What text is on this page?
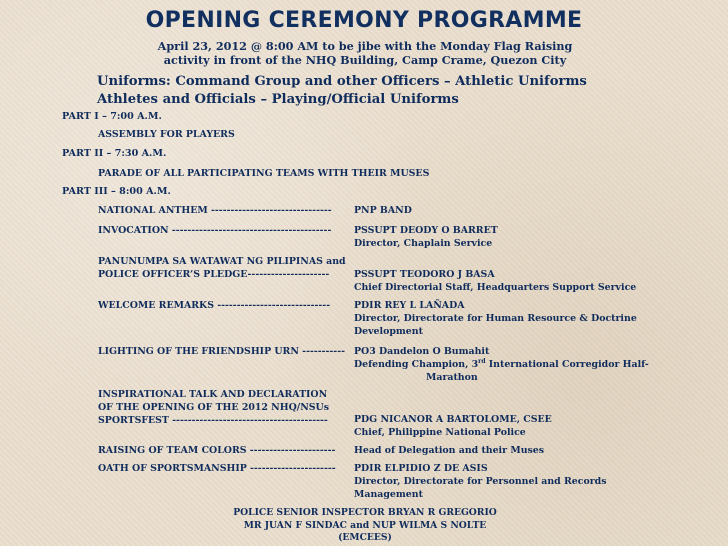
OPENING CEREMONY PROGRAMME
April 23, 2012 @ 8:00 AM to be jibe with the Monday Flag Raising
activity in front of the NHQ Building, Camp Crame, Quezon City
Uniforms: Command Group and other Officers – Athletic Uniforms
Athletes and Officials – Playing/Official Uniforms
PART I – 7:00 A.M.
ASSEMBLY FOR PLAYERS
PART II – 7:30 A.M.
PARADE OF ALL PARTICIPATING TEAMS WITH THEIR MUSES
PART III – 8:00 A.M.
NATIONAL ANTHEM ------------------------------- PNP BAND
INVOCATION ----------------------------------------- PSSUPT DEODY O BARRET
Director, Chaplain Service
PANUNUMPA SA WATAWAT NG PILIPINAS and
POLICE OFFICER’S PLEDGE---------------------	PSSUPT TEODORO J BASA
Chief Directorial Staff, Headquarters Support Service
WELCOME REMARKS -----------------------------	PDIR REY L LAÑADA
Director, Directorate for Human Resource & Doctrine
Development
LIGHTING OF THE FRIENDSHIP URN ----------- PO3 Dandelon O Bumahit
Defending Champion, 3rd International Corregidor Half-
Marathon
INSPIRATIONAL TALK AND DECLARATION
OF THE OPENING OF THE 2012 NHQ/NSUs
SPORTSFEST ----------------------------------------	PDG NICANOR A BARTOLOME, CSEE
Chief, Philippine National Police
RAISING OF TEAM COLORS ---------------------- Head of Delegation and their Muses
OATH OF SPORTSMANSHIP ---------------------- PDIR ELPIDIO Z DE ASIS
Director, Directorate for Personnel and Records
Management
POLICE SENIOR INSPECTOR BRYAN R GREGORIO
MR JUAN F SINDAC and NUP WILMA S NOLTE
(EMCEES)
